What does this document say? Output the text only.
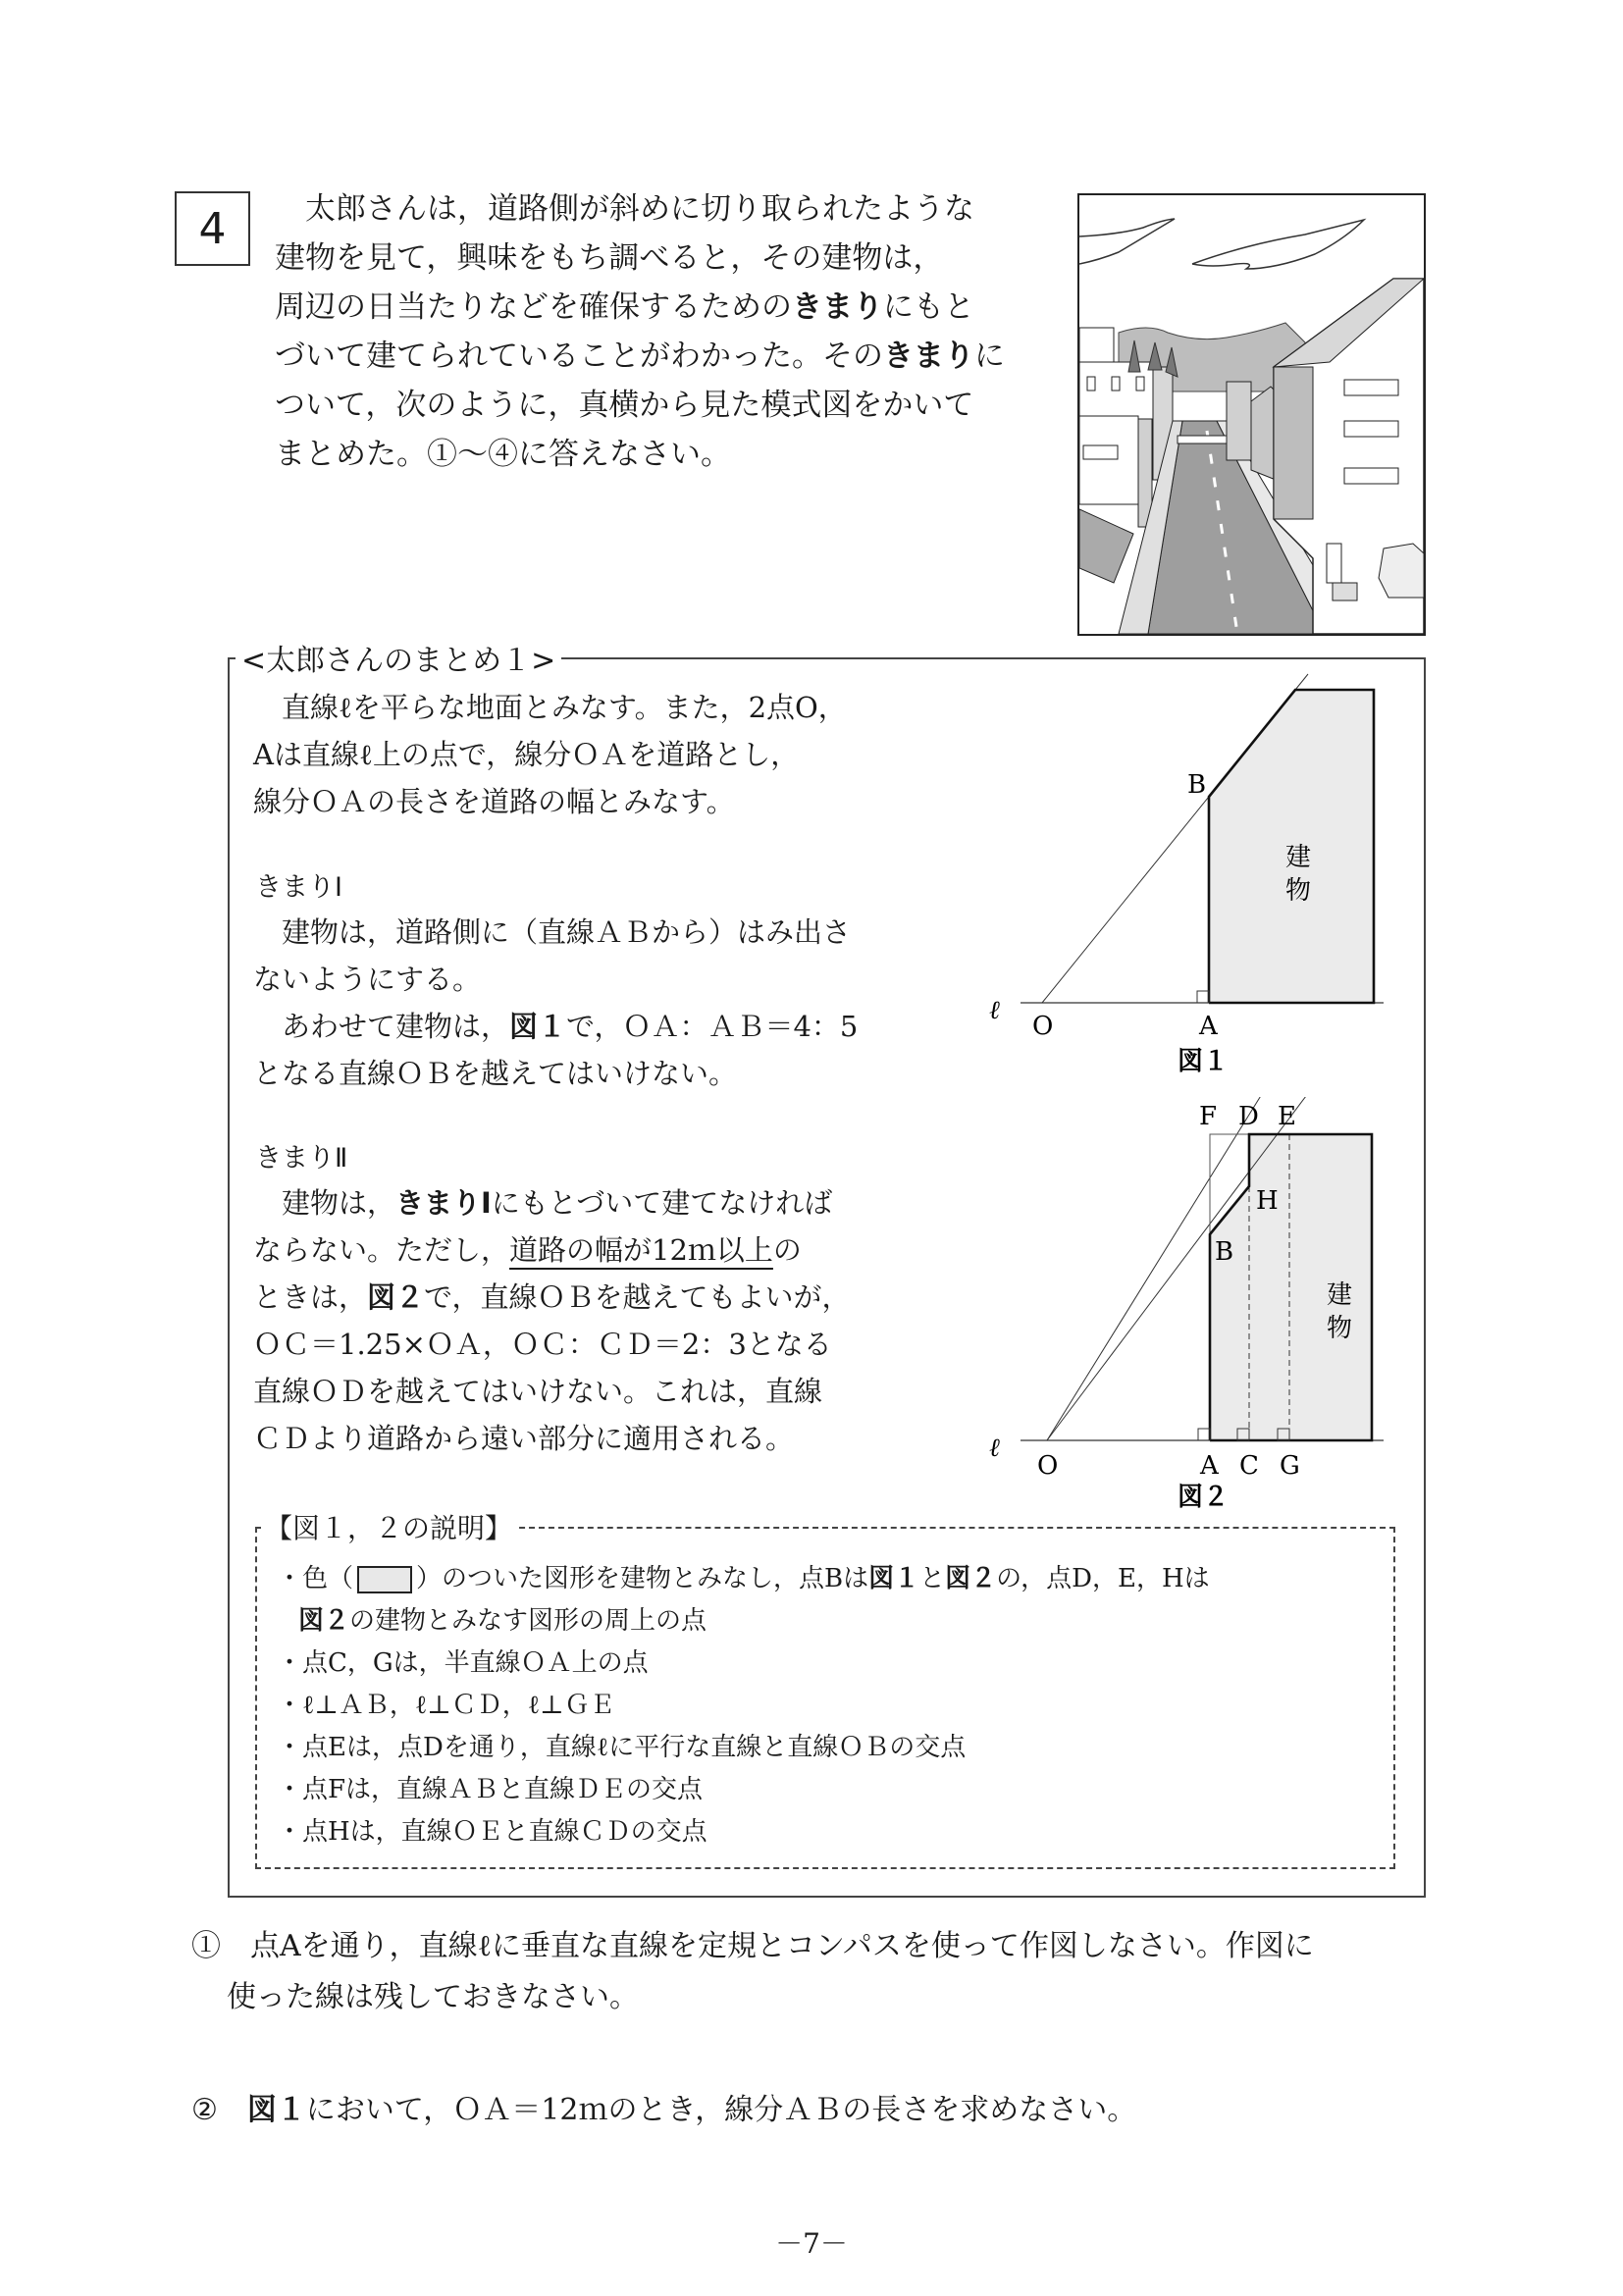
4 　太郎さんは，道路側が斜めに切り取られたような

建物を見て，興味をもち調べると，その建物は，

周辺の日当たりなどを確保するためのきまりにもと

づいて建てられていることがわかった。そのきまりに

ついて，次のように，真横から見た模式図をかいて

まとめた。①～④に答えなさい。

<太郎さんのまとめ１>

直線ℓを平らな地面とみなす。また，2点O，

Aは直線ℓ上の点で，線分ＯＡを道路とし，

線分ＯＡの長さを道路の幅とみなす。

きまりⅠ

建物は，道路側に（直線ＡＢから）はみ出さ

ないようにする。

あわせて建物は，図１で，ＯＡ：ＡＢ＝4：5

となる直線ＯＢを越えてはいけない。

きまりⅡ

建物は，きまりⅠにもとづいて建てなければ

ならない。ただし，道路の幅が12ｍ以上の

ときは，図２で，直線ＯＢを越えてもよいが，

ＯＣ＝1.25×ＯＡ，ＯＣ：ＣＤ＝2：3となる

直線ＯＤを越えてはいけない。これは，直線

ＣＤより道路から遠い部分に適用される。

ℓ
O	A
B
建
物
図１
ℓ
O	A C G
B
H
F D E
建
物
図２
【図１，２の説明】

・色（ ）のついた図形を建物とみなし，点Bは図１と図２の，点D，E，Hは

図２の建物とみなす図形の周上の点

・点C，Gは，半直線ＯＡ上の点

・ℓ⊥ＡＢ，ℓ⊥ＣＤ，ℓ⊥ＧＥ

・点Eは，点Dを通り，直線ℓに平行な直線と直線ＯＢの交点

・点Fは，直線ＡＢと直線ＤＥの交点

・点Hは，直線ＯＥと直線ＣＤの交点

①　 点Aを通り，直線ℓに垂直な直線を定規とコンパスを使って作図しなさい。作図に

使った線は残しておきなさい。

②　 図１において，ＯＡ＝12ｍのとき，線分ＡＢの長さを求めなさい。

－7－
